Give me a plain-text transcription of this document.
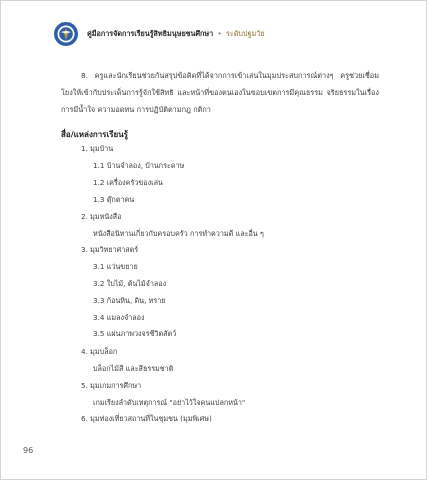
คู่มือการจัดการเรียนรู้สิทธิมนุษยชนศึกษา • ระดับปฐมวัย

8. ครูและนักเรียนช่วยกันสรุปข้อคิดที่ได้จากการเข้าเล่นในมุมประสบการณ์ต่างๆ ครูช่วยเชื่อมโยงให้เข้ากับประเด็นการรู้จักใช้สิทธิ และหน้าที่ของตนเองในขอบเขตการมีคุณธรรม จริยธรรมในเรื่องการมีน้ำใจ ความอดทน การปฏิบัติตามกฎ กติกา

สื่อ/แหล่งการเรียนรู้
1. มุมบ้าน
1.1 บ้านจำลอง, บ้านกระดาษ
1.2 เครื่องครัวของเล่น
1.3 ตุ๊กตาคน
2. มุมหนังสือ
หนังสือนิทานเกี่ยวกับครอบครัว การทำความดี และอื่น ๆ
3. มุมวิทยาศาสตร์
3.1 แว่นขยาย
3.2 ใบไม้, ต้นไม้จำลอง
3.3 ก้อนหิน, ดิน, ทราย
3.4 แมลงจำลอง
3.5 แผ่นภาพวงจรชีวิตสัตว์
4. มุมบล็อก
บล็อกไม้สี และสีธรรมชาติ
5. มุมเกมการศึกษา
เกมเรียงลำดับเหตุการณ์ "อย่าไว้ใจคนแปลกหน้า"
6. มุมท่องเที่ยวสถานที่ในชุมชน (มุมพิเศษ)
96
